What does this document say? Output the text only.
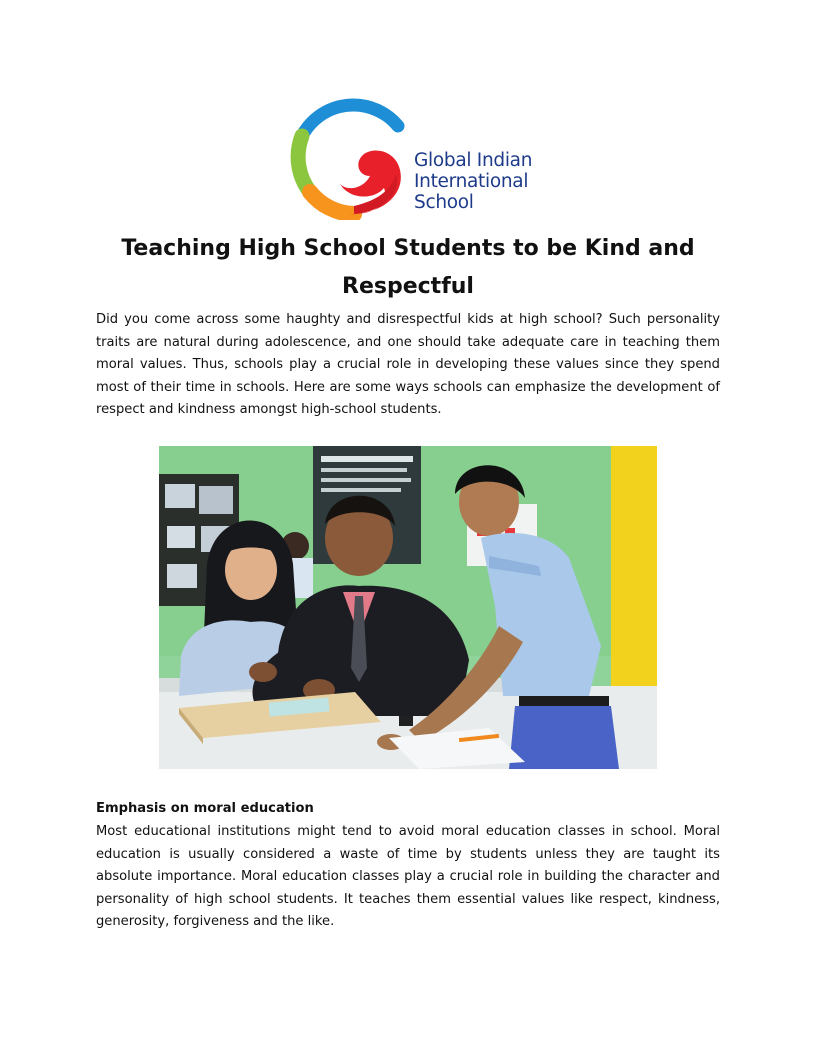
Global Indian
International
School
Teaching High School Students to be Kind and Respectful

Did you come across some haughty and disrespectful kids at high school? Such personality traits are natural during adolescence, and one should take adequate care in teaching them moral values. Thus, schools play a crucial role in developing these values since they spend most of their time in schools. Here are some ways schools can emphasize the development of respect and kindness amongst high-school students.

Emphasis on moral education

Most educational institutions might tend to avoid moral education classes in school. Moral education is usually considered a waste of time by students unless they are taught its absolute importance. Moral education classes play a crucial role in building the character and personality of high school students. It teaches them essential values like respect, kindness, generosity, forgiveness and the like.
